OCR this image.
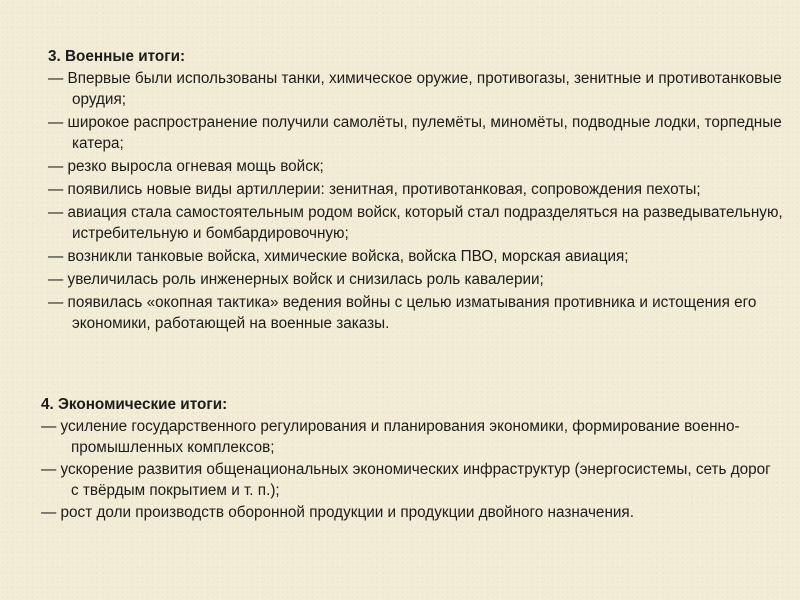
3. Военные итоги:
— Впервые были использованы танки, химическое оружие, противогазы, зенитные и противотанковые орудия;
— широкое распространение получили самолёты, пулемёты, миномёты, подводные лодки, торпедные катера;
— резко выросла огневая мощь войск;
— появились новые виды артиллерии: зенитная, противотанковая, сопровождения пехоты;
— авиация стала самостоятельным родом войск, который стал подразделяться на разведывательную, истребительную и бомбардировочную;
— возникли танковые войска, химические войска, войска ПВО, морская авиация;
— увеличилась роль инженерных войск и снизилась роль кавалерии;
— появилась «окопная тактика» ведения войны с целью изматывания противника и истощения его экономики, работающей на военные заказы.
4. Экономические итоги:
— усиление государственного регулирования и планирования экономики, формирование военно-промышленных комплексов;
— ускорение развития общенациональных экономических инфраструктур (энергосистемы, сеть дорог с твёрдым покрытием и т. п.);
— рост доли производств оборонной продукции и продукции двойного назначения.
